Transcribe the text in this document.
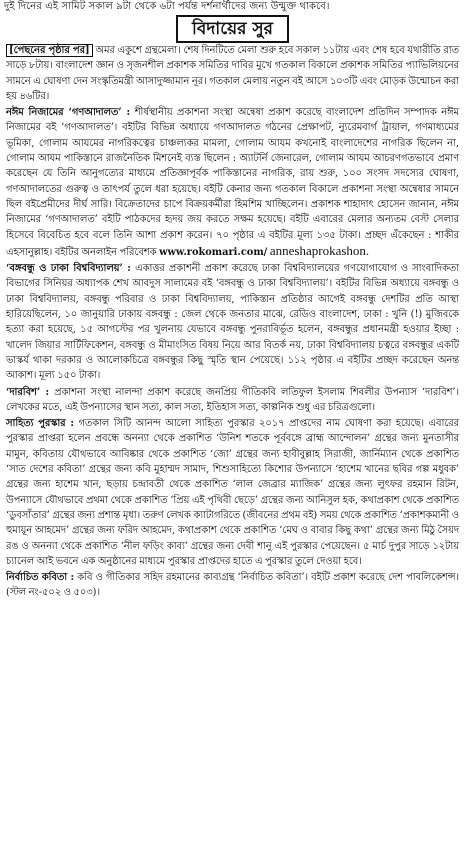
দুই দিনের এই সামিট সকাল ৯টা থেকে ৬টা পর্যন্ত দর্শনার্থীদের জন্য উন্মুক্ত থাকবে।
বিদায়ের সুর

[পেছনের পৃষ্ঠার পর] অমর একুশে গ্রন্থমেলা। শেষ দিনটিতে মেলা শুরু হবে সকাল ১১টায় এবং শেষ হবে যথারীতি রাত সাড়ে ৮টায়। বাংলাদেশ জ্ঞান ও সৃজনশীল প্রকাশক সমিতির দাবির মুখে গতকাল বিকালে প্রকাশক সমিতির প্যাভিলিয়নের সামনে এ ঘোষণা দেন সংস্কৃতিমন্ত্রী আসাদুজ্জামান নূর। গতকাল মেলায় নতুন বই আসে ১০৩টি এবং মোড়ক উন্মোচন করা হয় ৪৬টির।

নঈম নিজামের ‘গণআদালত’ : শীর্ষস্থানীয় প্রকাশনা সংস্থা অন্বেষা প্রকাশ করেছে বাংলাদেশ প্রতিদিন সম্পাদক নঈম নিজামের বই ‘গণআদালত’। বইটির বিভিন্ন অধ্যায়ে গণআদালত গঠনের প্রেক্ষাপট, ন্যুরেমবার্গ ট্রায়াল, গণমাধ্যমের ভূমিকা, গোলাম আযমের নাগরিকত্বের চাঞ্চল্যকর মামলা, গোলাম আযম কখনোই বাংলাদেশের নাগরিক ছিলেন না, গোলাম আযম পাকিস্তানে রাজনৈতিক মিশনেই ব্যস্ত ছিলেন : অ্যাটর্নি জেনারেল, গোলাম আযম আচরণগতভাবে প্রমাণ করেছেন যে তিনি আনুগত্যের মাধ্যমে প্রতিজ্ঞাপূর্বক পাকিস্তানের নাগরিক, রায় শুরু, ১০০ সংসদ সদস্যের ঘোষণা, গণআদালতের গুরুত্ব ও তাৎপর্য তুলে ধরা হয়েছে। বইটি কেনার জন্য গতকাল বিকালে প্রকাশনা সংস্থা অন্বেষার সামনে ছিল বইপ্রেমীদের দীর্ঘ সারি। বিক্রেতাদের চাপে বিক্রয়কর্মীরা হিমশিম খাচ্ছিলেন। প্রকাশক শাহাদাৎ হোসেন জানান, নঈম নিজামের ‘গণআদালত’ বইটি পাঠকদের হৃদয় জয় করতে সক্ষম হয়েছে। বইটি এবারের মেলার অন্যতম বেস্ট সেলার হিসেবে বিবেচিত হবে বলে তিনি আশা প্রকাশ করেন। ৭০ পৃষ্ঠার এ বইটির মূল্য ১৩৫ টাকা। প্রচ্ছদ এঁকেছেন : শাকীর এহসানুল্লাহ। বইটির অনলাইন পরিবেশক www.rokomari.com/ anneshaprokashon.

‘বঙ্গবন্ধু ও ঢাকা বিশ্ববিদ্যালয়’ : একাত্তর প্রকাশনী প্রকাশ করেছে ঢাকা বিশ্ববিদ্যালয়ের গণযোগাযোগ ও সাংবাদিকতা বিভাগের সিনিয়র অধ্যাপক শেখ আবদুস সালামের বই ‘বঙ্গবন্ধু ও ঢাকা বিশ্ববিদ্যালয়’। বইটির বিভিন্ন অধ্যায়ে বঙ্গবন্ধু ও ঢাকা বিশ্ববিদ্যালয়, বঙ্গবন্ধু পরিবার ও ঢাকা বিশ্ববিদ্যালয়, পাকিস্তান প্রতিষ্ঠার আগেই বঙ্গবন্ধু দেশটির প্রতি আস্থা হারিয়েছিলেন, ১০ জানুয়ারি ঢাকায় বঙ্গবন্ধু : জেল থেকে জনতার মাঝে, রেডিও বাংলাদেশ, ঢাকা : খুনি (!) মুজিবকে হত্যা করা হয়েছে, ১৫ আগস্টের পর খুলনায় যেভাবে বঙ্গবন্ধু পুনরাবির্ভূত হলেন, বঙ্গবন্ধুর প্রধানমন্ত্রী হওয়ার ইচ্ছা : খালেদ জিয়ার সার্টিফিকেশন, বঙ্গবন্ধু ও মীমাংসিত বিষয় নিয়ে আর বিতর্ক নয়, ঢাকা বিশ্ববিদ্যালয় চত্বরে বঙ্গবন্ধুর একটি ভাস্কর্য থাকা দরকার ও আলোকচিত্রে বঙ্গবন্ধুর কিছু স্মৃতি স্থান পেয়েছে। ১১২ পৃষ্ঠার এ বইটির প্রচ্ছদ করেছেন অনন্ত আকাশ। মূল্য ১৫০ টাকা।

‘দারবিশ’ : প্রকাশনা সংস্থা নালন্দা প্রকাশ করেছে জনপ্রিয় গীতিকবি লতিফুল ইসলাম শিবলীর উপন্যাস ‘দারবিশ’। লেখকের মতে, এই উপন্যাসের স্থান সত্য, কাল সত্য, ইতিহাস সত্য, কাল্পনিক শুধু এর চরিত্রগুলো।

সাহিত্য পুরস্কার : গতকাল সিটি আনন্দ আলো সাহিত্য পুরস্কার ২০১৭ প্রাপ্তদের নাম ঘোষণা করা হয়েছে। এবারের পুরস্কার প্রাপ্তরা হলেন প্রবন্ধে অনন্যা থেকে প্রকাশিত ‘উনিশ শতকে পূর্ববঙ্গে ব্রাহ্ম আন্দোলন’ গ্রন্থের জন্য মুনতাসীর মামুন, কবিতায় যৌথভাবে আবিষ্কার থেকে প্রকাশিত ‘জো’ গ্রন্থের জন্য হাবীবুল্লাহ সিরাজী, জার্নিম্যান থেকে প্রকাশিত ‘সাত দেশের কবিতা’ গ্রন্থের জন্য কবি মুহাম্মদ সামাদ, শিশুসাহিত্যে কিশোর উপন্যাসে ‘হাশেম খানের ছবির গল্প মধুবক’ গ্রন্থের জন্য হাশেম খান, ছড়ায় চন্দ্রাবতী থেকে প্রকাশিত ‘লাল জেব্রার ম্যাজিক’ গ্রন্থের জন্য লুৎফর রহমান রিটন, উপন্যাসে যৌথভাবে প্রথমা থেকে প্রকাশিত ‘প্রিয় এই পৃথিবী ছেড়ে’ গ্রন্থের জন্য আনিসুল হক, কথাপ্রকাশ থেকে প্রকাশিত ‘ডুবসাঁতার’ গ্রন্থের জন্য প্রশান্ত মৃধা। তরুণ লেখক ক্যাটাগরিতে (জীবনের প্রথম বই) সময় থেকে প্রকাশিত ‘প্রকাশকমানী ও হুমায়ূন আহমেদ’ গ্রন্থের জন্য ফরিদ আহমেদ, কথাপ্রকাশ থেকে প্রকাশিত ‘মেঘ ও বাবার কিছু কথা’ গ্রন্থের জন্য মিঠু সৈয়দ রঙ ও অনন্যা থেকে প্রকাশিত ‘নীল ফড়িং কাব্য’ গ্রন্থের জন্য দেবী শানু এই পুরস্কার পেয়েছেন। ৫ মার্চ দুপুর সাড়ে ১২টায় চ্যানেল আই ভবনে এক অনুষ্ঠানের মাধ্যমে পুরস্কার প্রাপ্তদের হাতে এ পুরস্কার তুলে দেওয়া হবে।

নির্বাচিত কবিতা : কবি ও গীতিকার সহিদ রহমানের কাব্যগ্রন্থ ‘নির্বাচিত কবিতা’। বইটি প্রকাশ করেছে দেশ পাবলিকেশন্স। (স্টল নং-৫০২ ও ৫০৩)।
